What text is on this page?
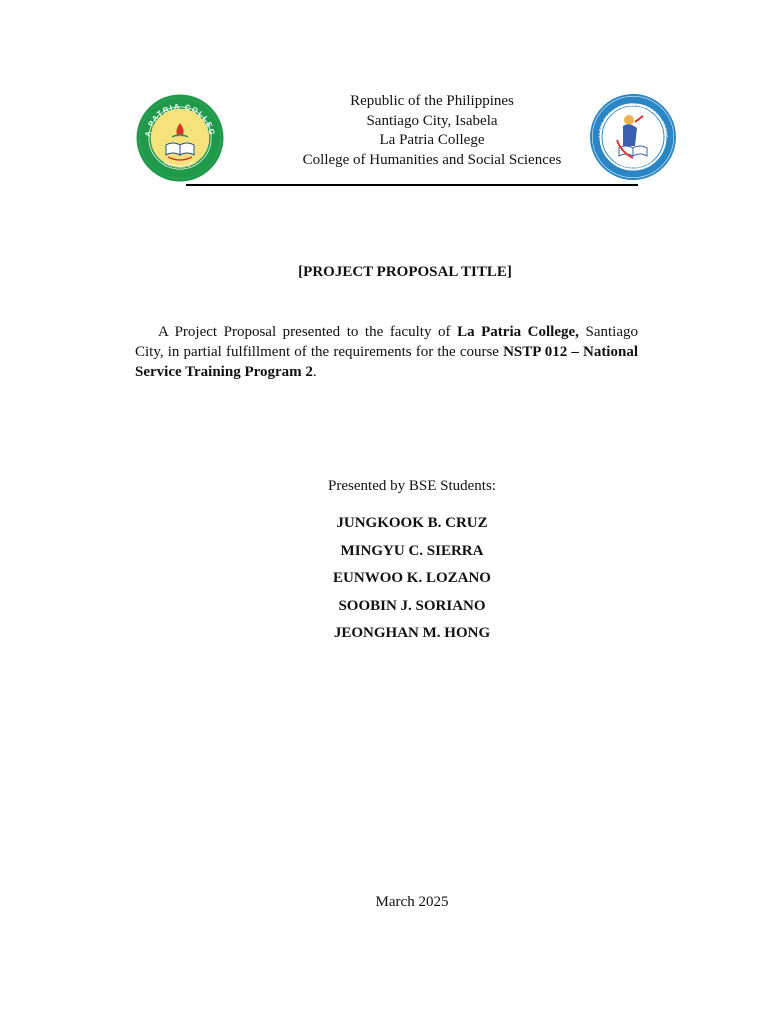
A PATRIA COLLEG
SANTIAGO CITY
Republic of the Philippines
Santiago City, Isabela
La Patria College
College of Humanities and Social Sciences
LLEGE OF HUMANITIES AND SOCIAL SCIENC
LA PATRIA COLLEGE
[PROJECT PROPOSAL TITLE]

A Project Proposal presented to the faculty of La Patria College, Santiago City, in partial fulfillment of the requirements for the course NSTP 012 – National Service Training Program 2.

Presented by BSE Students:
JUNGKOOK B. CRUZ
MINGYU C. SIERRA
EUNWOO K. LOZANO
SOOBIN J. SORIANO
JEONGHAN M. HONG
March 2025
